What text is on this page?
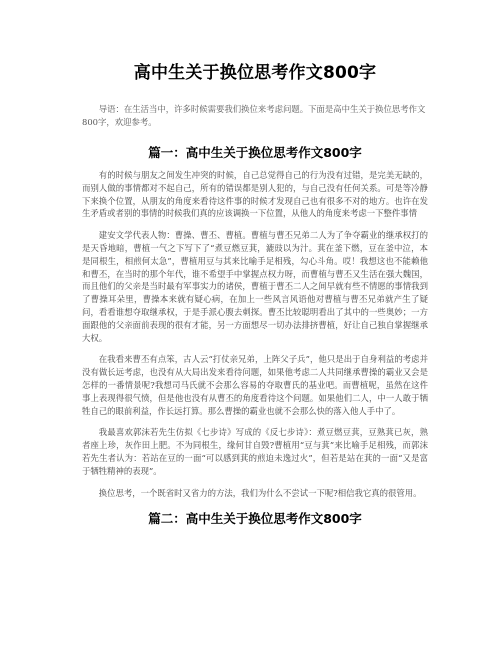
高中生关于换位思考作文800字

导语：在生活当中，许多时候需要我们换位来考虑问题。下面是高中生关于换位思考作文800字，欢迎参考。

篇一：高中生关于换位思考作文800字

有的时候与朋友之间发生冲突的时候，自己总觉得自己的行为没有过错，是完美无缺的，而别人做的事情都对不起自己，所有的错误都是别人犯的，与自己没有任何关系。可是等冷静下来换个位置，从朋友的角度来看待这件事的时候才发现自己也有很多不对的地方。也许在发生矛盾或者别的事情的时候我们真的应该调换一下位置，从他人的角度来考虑一下整件事情

建安文学代表人物：曹操、曹丕、曹植。曹植与曹丕兄弟二人为了争夺霸业的继承权打的是天昏地暗，曹植一气之下写下了“煮豆燃豆萁，漉豉以为汁。萁在釜下燃，豆在釜中泣，本是同根生，相煎何太急”，曹植用豆与其来比喻手足相残，勾心斗角。哎！我想这也不能赖他和曹丕，在当时的那个年代，谁不希望手中掌握点权力呀，而曹植与曹丕又生活在强大魏国，而且他们的父亲是当时最有军事实力的诸侯，曹植于曹丕二人之间早就有些不情愿的事情我到了曹操耳朵里，曹操本来就有疑心病，在加上一些风言风语他对曹植与曹丕兄弟就产生了疑问，看看谁想夺取继承权，于是手派心腹去刺探。曹丕比较聪明看出了其中的一些奥妙；一方面跟他的父亲面前表现的很有才能，另一方面想尽一切办法排挤曹植，好让自己独自掌握继承大权。

在我看来曹丕有点笨，古人云“打仗亲兄弟，上阵父子兵”，他只是出于自身利益的考虑并没有做长远考虑，也没有从大局出发来看待问题，如果他考虑二人共同继承曹操的霸业又会是怎样的一番情景呢?我想司马氏就不会那么容易的夺取曹氏的基业吧。而曹植呢，虽然在这件事上表现得很气愤，但是他也没有从曹丕的角度看待这个问题。如果他们二人，中一人敢于牺牲自己的眼前利益，作长远打算。那么曹操的霸业也就不会那么快的落入他人手中了。

我最喜欢郭沫若先生仿拟《七步诗》写成的《反七步诗》：煮豆燃豆萁，豆熟萁已灰，熟者座上珍，灰作田上肥。不为同根生，缘何甘自毁?曹植用“豆与萁”来比喻手足相残，而郭沫若先生者认为：若站在豆的一面“可以感到萁的煎迫未逸过火”，但若是站在萁的一面“又是富于牺牲精神的表现”。

换位思考，一个既省时又省力的方法，我们为什么不尝试一下呢?相信我它真的很管用。

篇二：高中生关于换位思考作文800字
